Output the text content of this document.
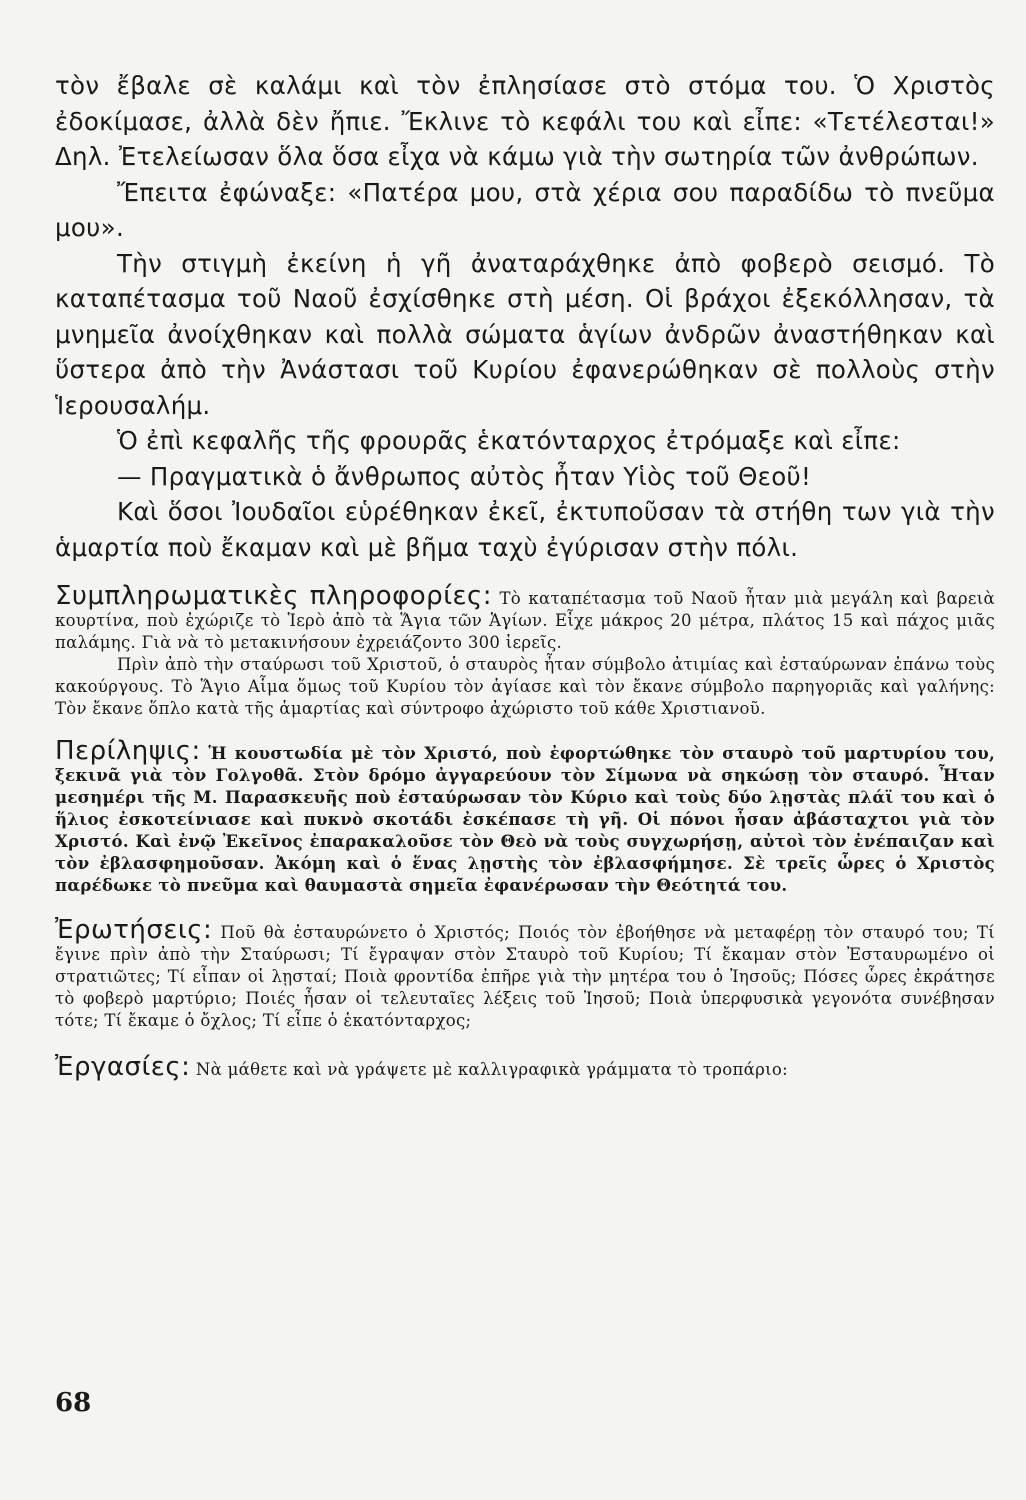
τὸν ἔβαλε σὲ καλάμι καὶ τὸν ἐπλησίασε στὸ στόμα του. Ὁ Χριστὸς ἐδοκίμασε, ἀλλὰ δὲν ἤπιε. Ἔκλινε τὸ κεφάλι του καὶ εἶπε: «Τετέλεσται!» Δηλ. Ἐτελείωσαν ὅλα ὅσα εἶχα νὰ κάμω γιὰ τὴν σωτηρία τῶν ἀνθρώπων.

Ἔπειτα ἐφώναξε: «Πατέρα μου, στὰ χέρια σου παραδίδω τὸ πνεῦμα μου».

Τὴν στιγμὴ ἐκείνη ἡ γῆ ἀναταράχθηκε ἀπὸ φοβερὸ σεισμό. Τὸ καταπέτασμα τοῦ Ναοῦ ἐσχίσθηκε στὴ μέση. Οἱ βράχοι ἐξεκόλλησαν, τὰ μνημεῖα ἀνοίχθηκαν καὶ πολλὰ σώματα ἁγίων ἀνδρῶν ἀναστήθηκαν καὶ ὕστερα ἀπὸ τὴν Ἀνάστασι τοῦ Κυρίου ἐφανερώθηκαν σὲ πολλοὺς στὴν Ἱερουσαλήμ.

Ὁ ἐπὶ κεφαλῆς τῆς φρουρᾶς ἑκατόνταρχος ἐτρόμαξε καὶ εἶπε:

— Πραγματικὰ ὁ ἄνθρωπος αὐτὸς ἦταν Υἱὸς τοῦ Θεοῦ!

Καὶ ὅσοι Ἰουδαῖοι εὑρέθηκαν ἐκεῖ, ἐκτυποῦσαν τὰ στήθη των γιὰ τὴν ἁμαρτία ποὺ ἔκαμαν καὶ μὲ βῆμα ταχὺ ἐγύρισαν στὴν πόλι.

Συμπληρωματικὲς πληροφορίες: Τὸ καταπέτασμα τοῦ Ναοῦ ἦταν μιὰ μεγάλη καὶ βαρειὰ κουρτίνα, ποὺ ἐχώριζε τὸ Ἱερὸ ἀπὸ τὰ Ἅγια τῶν Ἁγίων. Εἶχε μάκρος 20 μέτρα, πλάτος 15 καὶ πάχος μιᾶς παλάμης. Γιὰ νὰ τὸ μετακινήσουν ἐχρειάζοντο 300 ἱερεῖς.

Πρὶν ἀπὸ τὴν σταύρωσι τοῦ Χριστοῦ, ὁ σταυρὸς ἦταν σύμβολο ἀτιμίας καὶ ἐσταύρωναν ἐπάνω τοὺς κακούργους. Τὸ Ἅγιο Αἷμα ὅμως τοῦ Κυρίου τὸν ἁγίασε καὶ τὸν ἔκανε σύμβολο παρηγοριᾶς καὶ γαλήνης: Τὸν ἔκανε ὅπλο κατὰ τῆς ἁμαρτίας καὶ σύντροφο ἀχώριστο τοῦ κάθε Χριστιανοῦ.

Περίληψις: Ἡ κουστωδία μὲ τὸν Χριστό, ποὺ ἐφορτώθηκε τὸν σταυρὸ τοῦ μαρτυρίου του, ξεκινᾶ γιὰ τὸν Γολγοθᾶ. Στὸν δρόμο ἀγγαρεύουν τὸν Σίμωνα νὰ σηκώσῃ τὸν σταυρό. Ἦταν μεσημέρι τῆς Μ. Παρασκευῆς ποὺ ἐσταύρωσαν τὸν Κύριο καὶ τοὺς δύο λῃστὰς πλάϊ του καὶ ὁ ἥλιος ἐσκοτείνιασε καὶ πυκνὸ σκοτάδι ἐσκέπασε τὴ γῆ. Οἱ πόνοι ἦσαν ἀβάσταχτοι γιὰ τὸν Χριστό. Καὶ ἐνῷ Ἐκεῖνος ἐπαρακαλοῦσε τὸν Θεὸ νὰ τοὺς συγχωρήσῃ, αὐτοὶ τὸν ἐνέπαιζαν καὶ τὸν ἐβλασφημοῦσαν. Ἀκόμη καὶ ὁ ἕνας λῃστὴς τὸν ἐβλασφήμησε. Σὲ τρεῖς ὧρες ὁ Χριστὸς παρέδωκε τὸ πνεῦμα καὶ θαυμαστὰ σημεῖα ἐφανέρωσαν τὴν Θεότητά του.

Ἐρωτήσεις: Ποῦ θὰ ἐσταυρώνετο ὁ Χριστός; Ποιός τὸν ἐβοήθησε νὰ μεταφέρῃ τὸν σταυρό του; Τί ἔγινε πρὶν ἀπὸ τὴν Σταύρωσι; Τί ἔγραψαν στὸν Σταυρὸ τοῦ Κυρίου; Τί ἔκαμαν στὸν Ἐσταυρωμένο οἱ στρατιῶτες; Τί εἶπαν οἱ λῃσταί; Ποιὰ φροντίδα ἐπῆρε γιὰ τὴν μητέρα του ὁ Ἰησοῦς; Πόσες ὧρες ἐκράτησε τὸ φοβερὸ μαρτύριο; Ποιές ἦσαν οἱ τελευταῖες λέξεις τοῦ Ἰησοῦ; Ποιὰ ὑπερφυσικὰ γεγονότα συνέβησαν τότε; Τί ἔκαμε ὁ ὄχλος; Τί εἶπε ὁ ἑκατόνταρχος;

Ἐργασίες: Νὰ μάθετε καὶ νὰ γράψετε μὲ καλλιγραφικὰ γράμματα τὸ τροπάριο:

68
